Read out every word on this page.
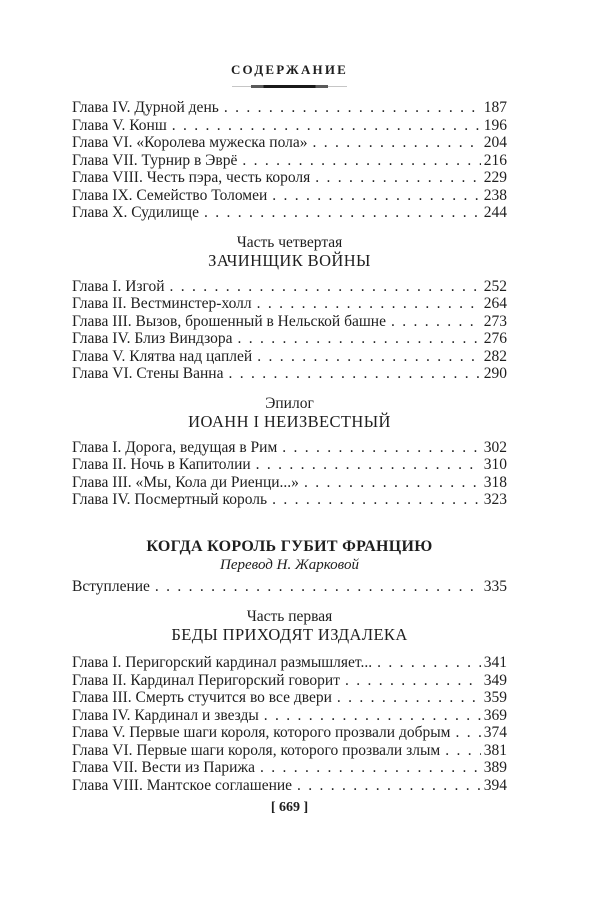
СОДЕРЖАНИЕ
Глава IV. Дурной день . . .	187
Глава V. Конш . . .	196
Глава VI. «Королева мужеска пола» . . .	204
Глава VII. Турнир в Эврё . . .	216
Глава VIII. Честь пэра, честь короля . . .	229
Глава IX. Семейство Толомеи . . .	238
Глава X. Судилище . . .	244
Часть четвертая
ЗАЧИНЩИК ВОЙНЫ
Глава I. Изгой . . .	252
Глава II. Вестминстер-холл . . .	264
Глава III. Вызов, брошенный в Нельской башне . . .	273
Глава IV. Близ Виндзора . . .	276
Глава V. Клятва над цаплей . . .	282
Глава VI. Стены Ванна . . .	290
Эпилог
ИОАНН I НЕИЗВЕСТНЫЙ
Глава I. Дорога, ведущая в Рим . . .	302
Глава II. Ночь в Капитолии . . .	310
Глава III. «Мы, Кола ди Риенци...» . . .	318
Глава IV. Посмертный король . . .	323
КОГДА КОРОЛЬ ГУБИТ ФРАНЦИЮ
Перевод Н. Жарковой
Вступление . . .	335
Часть первая
БЕДЫ ПРИХОДЯТ ИЗДАЛЕКА
Глава I. Перигорский кардинал размышляет... . . .	341
Глава II. Кардинал Перигорский говорит . . .	349
Глава III. Смерть стучится во все двери . . .	359
Глава IV. Кардинал и звезды . . .	369
Глава V. Первые шаги короля, которого прозвали добрым . . . 374
Глава VI. Первые шаги короля, которого прозвали злым . . .	381
Глава VII. Вести из Парижа . . .	389
Глава VIII. Мантское соглашение . . .	394
[ 669 ]
